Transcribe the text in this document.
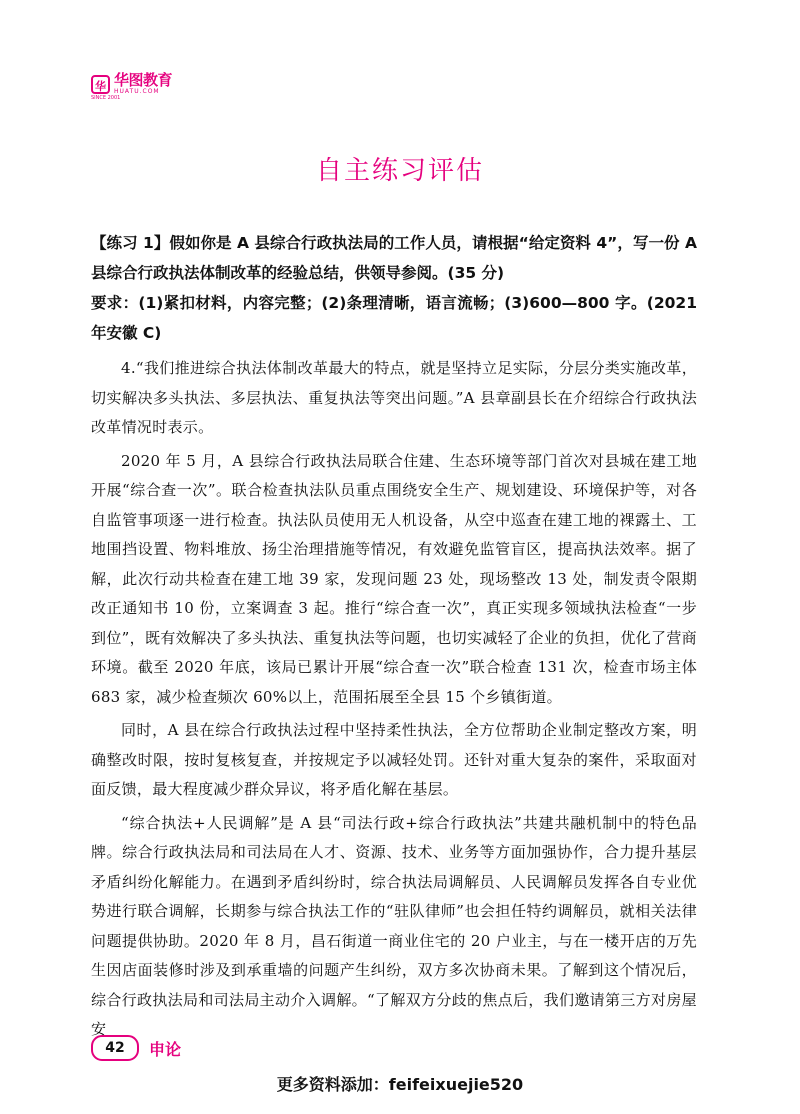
华 华图教育
HUATU.COM
SINCE 2001
自主练习评估

【练习 1】假如你是 A 县综合行政执法局的工作人员，请根据“给定资料 4”，写一份 A 县综合行政执法体制改革的经验总结，供领导参阅。(35 分)

要求：(1)紧扣材料，内容完整；(2)条理清晰，语言流畅；(3)600—800 字。(2021 年安徽 C)

4.“我们推进综合执法体制改革最大的特点，就是坚持立足实际，分层分类实施改革，切实解决多头执法、多层执法、重复执法等突出问题。”A 县章副县长在介绍综合行政执法改革情况时表示。

2020 年 5 月，A 县综合行政执法局联合住建、生态环境等部门首次对县城在建工地开展“综合查一次”。联合检查执法队员重点围绕安全生产、规划建设、环境保护等，对各自监管事项逐一进行检查。执法队员使用无人机设备，从空中巡查在建工地的裸露土、工地围挡设置、物料堆放、扬尘治理措施等情况，有效避免监管盲区，提高执法效率。据了解，此次行动共检查在建工地 39 家，发现问题 23 处，现场整改 13 处，制发责令限期改正通知书 10 份，立案调查 3 起。推行“综合查一次”，真正实现多领域执法检查“一步到位”，既有效解决了多头执法、重复执法等问题，也切实减轻了企业的负担，优化了营商环境。截至 2020 年底，该局已累计开展“综合查一次”联合检查 131 次，检查市场主体 683 家，减少检查频次 60%以上，范围拓展至全县 15 个乡镇街道。

同时，A 县在综合行政执法过程中坚持柔性执法，全方位帮助企业制定整改方案，明确整改时限，按时复核复查，并按规定予以减轻处罚。还针对重大复杂的案件，采取面对面反馈，最大程度减少群众异议，将矛盾化解在基层。

“综合执法+人民调解”是 A 县“司法行政+综合行政执法”共建共融机制中的特色品牌。综合行政执法局和司法局在人才、资源、技术、业务等方面加强协作，合力提升基层矛盾纠纷化解能力。在遇到矛盾纠纷时，综合执法局调解员、人民调解员发挥各自专业优势进行联合调解，长期参与综合执法工作的“驻队律师”也会担任特约调解员，就相关法律问题提供协助。2020 年 8 月，昌石街道一商业住宅的 20 户业主，与在一楼开店的万先生因店面装修时涉及到承重墙的问题产生纠纷，双方多次协商未果。了解到这个情况后，综合行政执法局和司法局主动介入调解。“了解双方分歧的焦点后，我们邀请第三方对房屋安

42	申论
更多资料添加：feifeixuejie520
